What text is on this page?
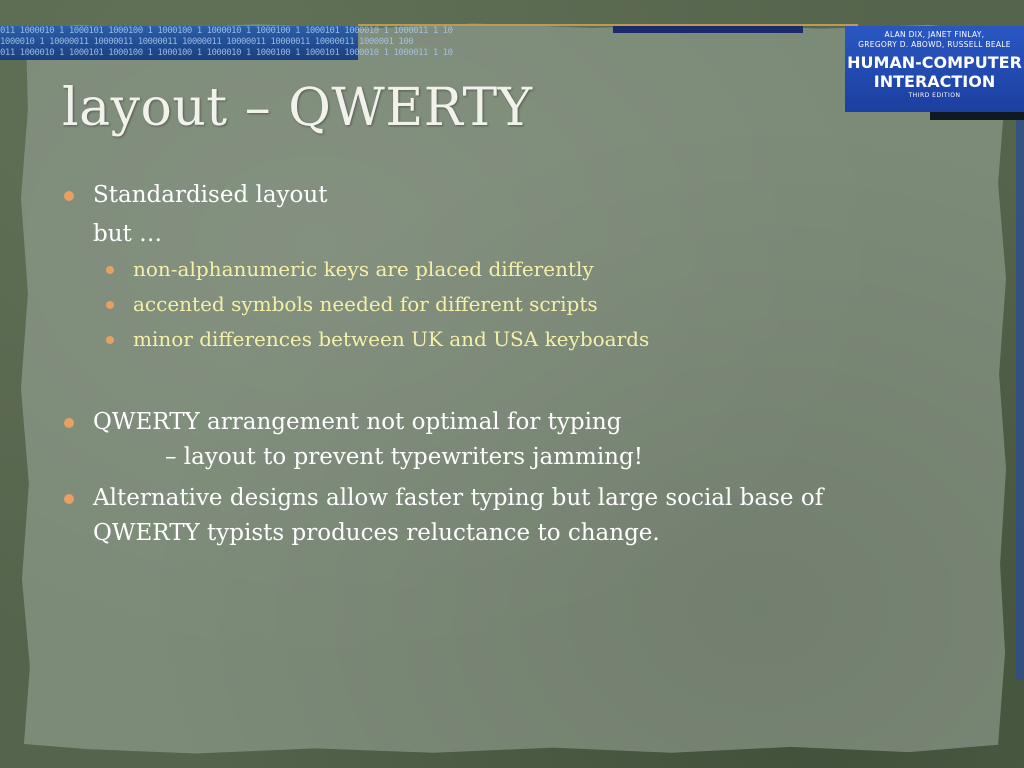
011 1000010 1 1000101 1000100 1 1000100 1 1000010 1 1000100 1 1000101 1000010 1 1000011 1 10
1000010 1 10000011 10000011 10000011 10000011 10000011 10000011 10000011 1000001 100
011 1000010 1 1000101 1000100 1 1000100 1 1000010 1 1000100 1 1000101 1000010 1 1000011 1 10
ALAN DIX, JANET FINLAY,
GREGORY D. ABOWD, RUSSELL BEALE
HUMAN-COMPUTER
INTERACTION
THIRD EDITION
layout – QWERTY
Standardised layout
but …
non-alphanumeric keys are placed differently
accented symbols needed for different scripts
minor differences between UK and USA keyboards
QWERTY arrangement not optimal for typing
– layout to prevent typewriters jamming!
Alternative designs allow faster typing but large social base of
QWERTY typists produces reluctance to change.
